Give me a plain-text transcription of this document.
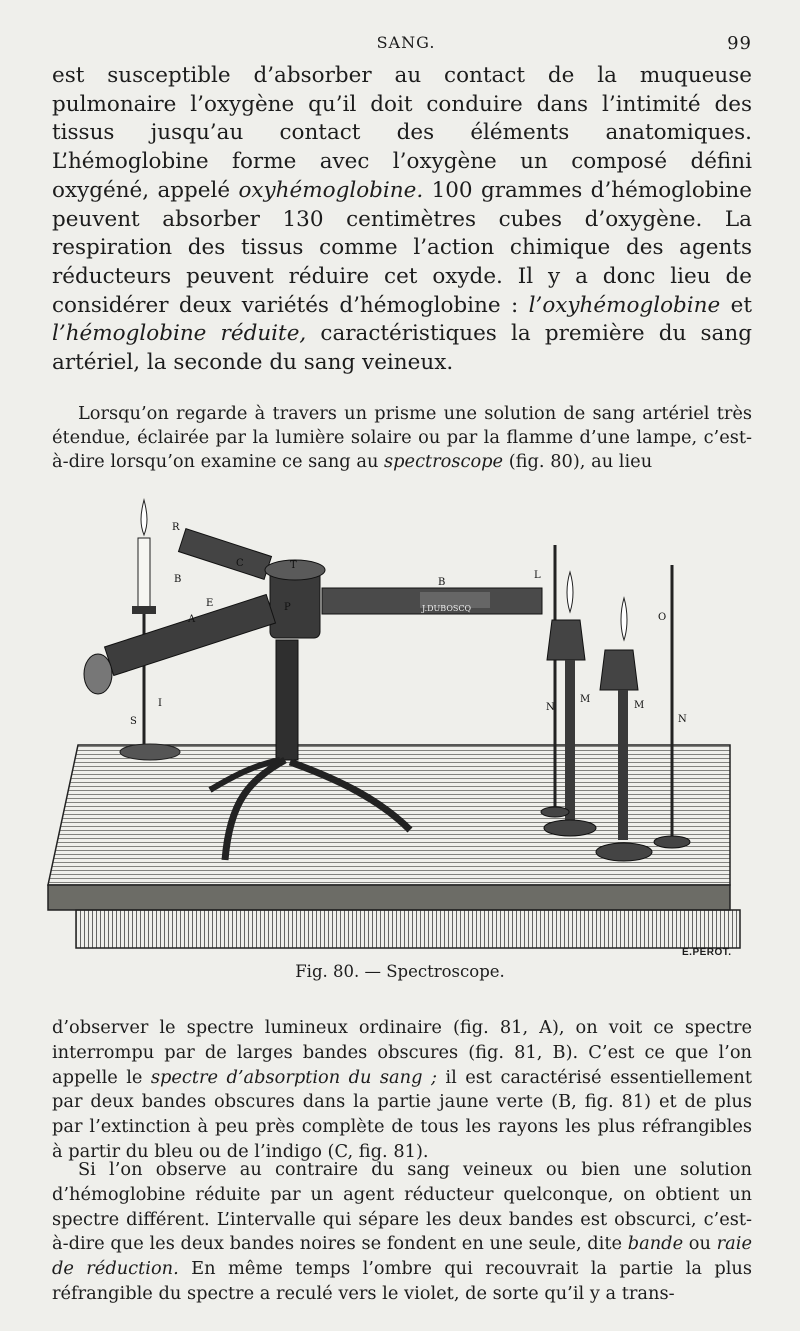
SANG.	99
est susceptible d’absorber au contact de la muqueuse pulmonaire l’oxygène qu’il doit conduire dans l’intimité des tissus jusqu’au contact des éléments anatomiques. L’hémoglobine forme avec l’oxygène un composé défini oxygéné, appelé oxyhémoglobine. 100 grammes d’hémoglobine peuvent absorber 130 centimètres cubes d’oxygène. La respiration des tissus comme l’action chimique des agents réducteurs peuvent réduire cet oxyde. Il y a donc lieu de considérer deux variétés d’hémoglobine : l’oxyhémoglobine et l’hémoglobine réduite, caractéristiques la première du sang artériel, la seconde du sang veineux.
Lorsqu’on regarde à travers un prisme une solution de sang artériel très étendue, éclairée par la lumière solaire ou par la flamme d’une lampe, c’est-à-dire lorsqu’on examine ce sang au spectroscope (fig. 80), au lieu
R
C	T
B
B
E
A
P
I
S
L
O
N
N
M
M
J.DUBOSCQ
E.PEROT.
Fig. 80. — Spectroscope.
d’observer le spectre lumineux ordinaire (fig. 81, A), on voit ce spectre interrompu par de larges bandes obscures (fig. 81, B). C’est ce que l’on appelle le spectre d’absorption du sang ; il est caractérisé essentiellement par deux bandes obscures dans la partie jaune verte (B, fig. 81) et de plus par l’extinction à peu près complète de tous les rayons les plus réfrangibles à partir du bleu ou de l’indigo (C, fig. 81).
Si l’on observe au contraire du sang veineux ou bien une solution d’hémoglobine réduite par un agent réducteur quelconque, on obtient un spectre différent. L’intervalle qui sépare les deux bandes est obscurci, c’est-à-dire que les deux bandes noires se fondent en une seule, dite bande ou raie de réduction. En même temps l’ombre qui recouvrait la partie la plus réfrangible du spectre a reculé vers le violet, de sorte qu’il y a trans-
